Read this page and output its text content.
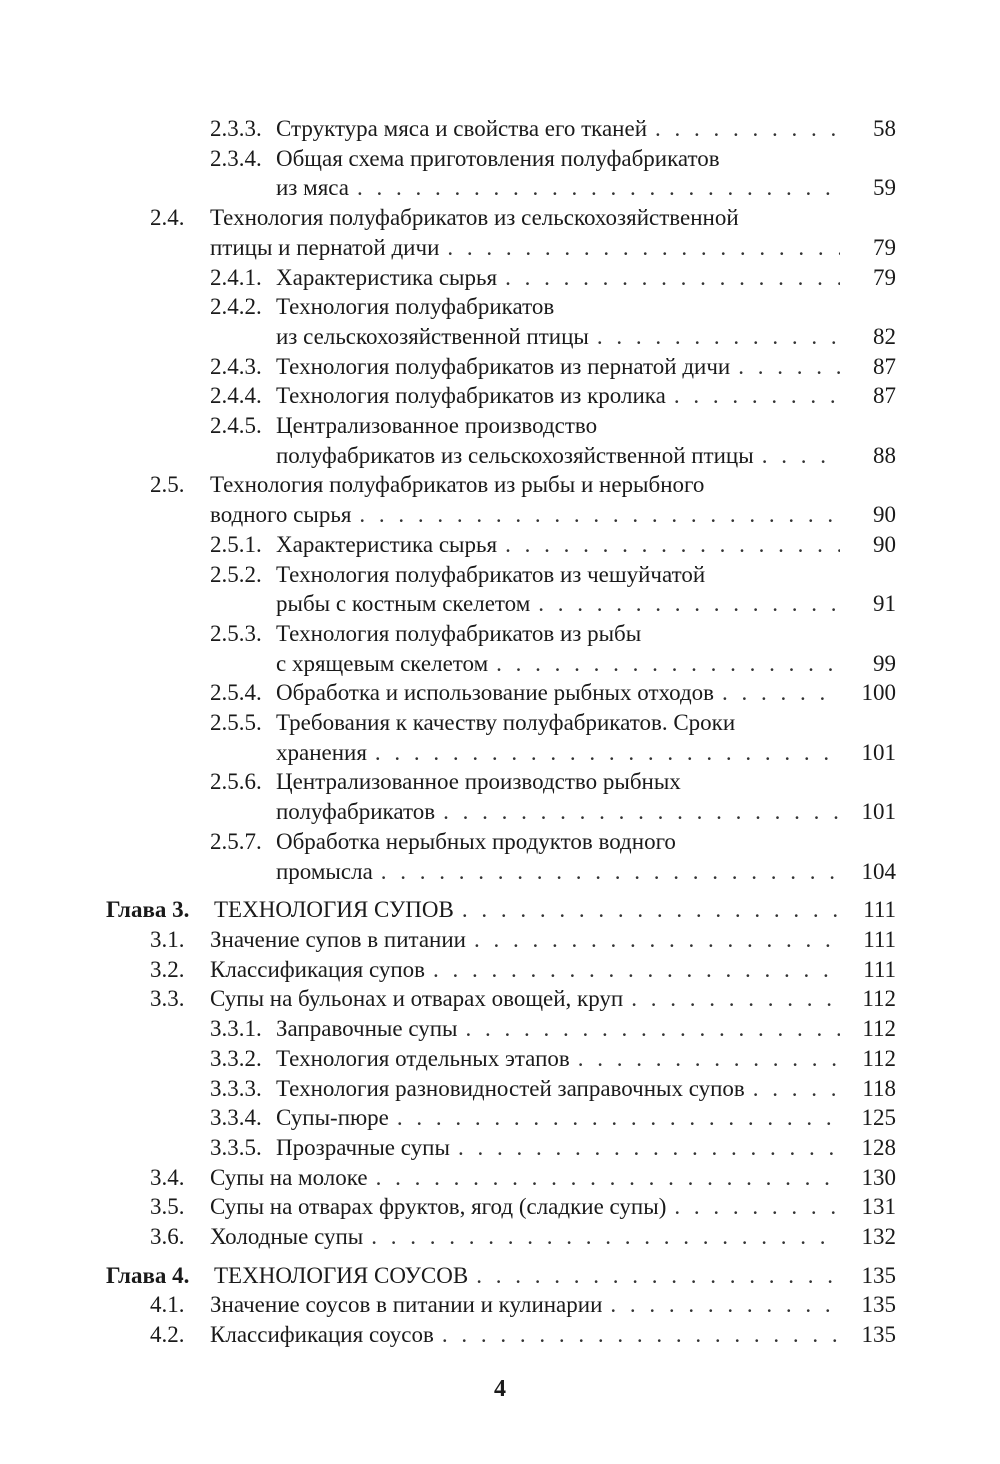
2.3.3. Структура мяса и свойства его тканей . . .	58
2.3.4. Общая схема приготовления полуфабрикатов
из мяса . . .	59
2.4.	Технология полуфабрикатов из сельскохозяйственной
птицы и пернатой дичи . . .	79
2.4.1. Характеристика сырья . . .	79
2.4.2. Технология полуфабрикатов
из сельскохозяйственной птицы . . .	82
2.4.3. Технология полуфабрикатов из пернатой дичи . . .	87
2.4.4. Технология полуфабрикатов из кролика . . .	87
2.4.5. Централизованное производство
полуфабрикатов из сельскохозяйственной птицы . . .	88
2.5.	Технология полуфабрикатов из рыбы и нерыбного
водного сырья . . .	90
2.5.1. Характеристика сырья . . .	90
2.5.2. Технология полуфабрикатов из чешуйчатой
рыбы с костным скелетом . . .	91
2.5.3. Технология полуфабрикатов из рыбы
с хрящевым скелетом . . .	99
2.5.4. Обработка и использование рыбных отходов . . .	100
2.5.5. Требования к качеству полуфабрикатов. Сроки
хранения . . .	101
2.5.6. Централизованное производство рыбных
полуфабрикатов . . .	101
2.5.7. Обработка нерыбных продуктов водного
промысла . . .	104
Глава 3.	ТЕХНОЛОГИЯ СУПОВ . . .	111
3.1.	Значение супов в питании . . .	111
3.2.	Классификация супов . . .	111
3.3.	Супы на бульонах и отварах овощей, круп . . .	112
3.3.1. Заправочные супы . . .	112
3.3.2. Технология отдельных этапов . . .	112
3.3.3. Технология разновидностей заправочных супов . . .	118
3.3.4. Супы-пюре . . .	125
3.3.5. Прозрачные супы . . .	128
3.4.	Супы на молоке . . .	130
3.5.	Супы на отварах фруктов, ягод (сладкие супы) . . .	131
3.6.	Холодные супы . . .	132
Глава 4.	ТЕХНОЛОГИЯ СОУСОВ . . .	135
4.1.	Значение соусов в питании и кулинарии . . .	135
4.2.	Классификация соусов . . .	135
4
